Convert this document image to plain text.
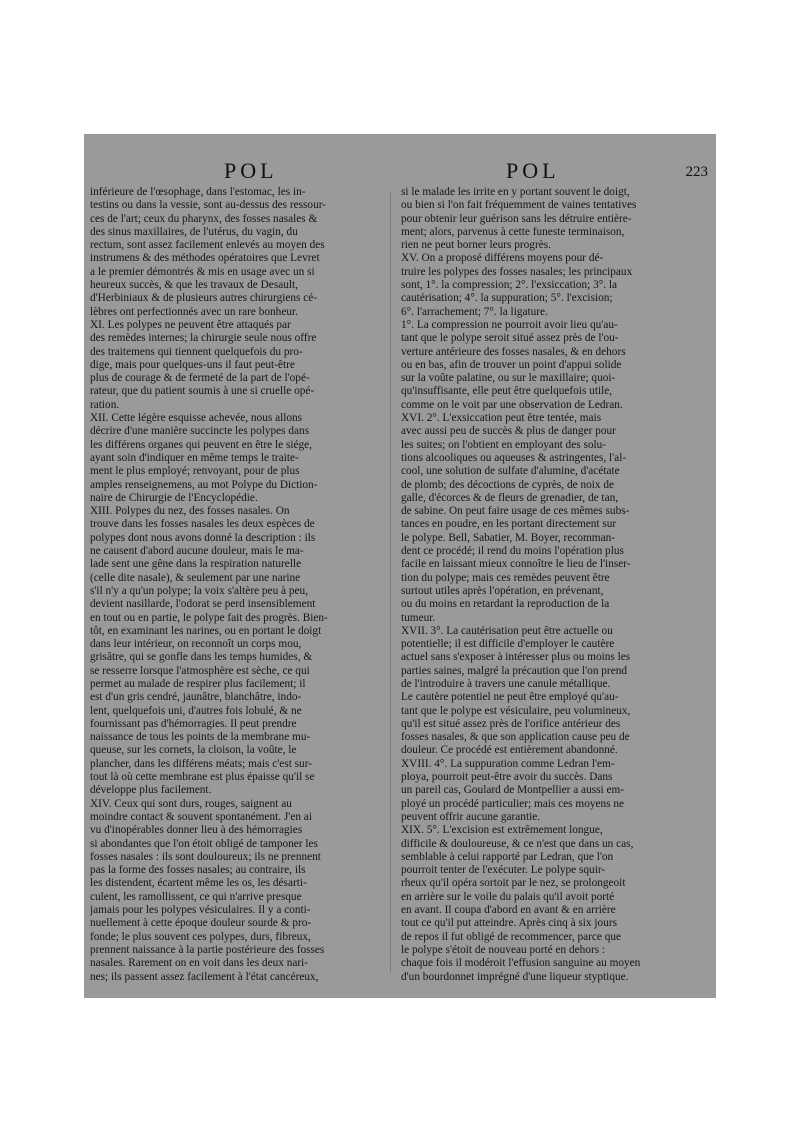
POL	POL	223
inférieure de l'œsophage, dans l'estomac, les in-
testins ou dans la vessie, sont au-dessus des ressour-
ces de l'art; ceux du pharynx, des fosses nasales &
des sinus maxillaires, de l'utérus, du vagin, du
rectum, sont assez facilement enlevés au moyen des
instrumens & des méthodes opératoires que Levret
a le premier démontrés & mis en usage avec un si
heureux succès, & que les travaux de Desault,
d'Herbiniaux & de plusieurs autres chirurgiens cé-
lèbres ont perfectionnés avec un rare bonheur.
XI. Les polypes ne peuvent être attaqués par
des remèdes internes; la chirurgie seule nous offre
des traitemens qui tiennent quelquefois du pro-
dige, mais pour quelques-uns il faut peut-être
plus de courage & de fermeté de la part de l'opé-
rateur, que du patient soumis à une si cruelle opé-
ration.
XII. Cette légère esquisse achevée, nous allons
décrire d'une manière succincte les polypes dans
les différens organes qui peuvent en être le siége,
ayant soin d'indiquer en même temps le traite-
ment le plus employé; renvoyant, pour de plus
amples renseignemens, au mot Polype du Diction-
naire de Chirurgie de l'Encyclopédie.
XIII. Polypes du nez, des fosses nasales. On
trouve dans les fosses nasales les deux espèces de
polypes dont nous avons donné la description : ils
ne causent d'abord aucune douleur, mais le ma-
lade sent une gêne dans la respiration naturelle
(celle dite nasale), & seulement par une narine
s'il n'y a qu'un polype; la voix s'altère peu à peu,
devient nasillarde, l'odorat se perd insensiblement
en tout ou en partie, le polype fait des progrès. Bien-
tôt, en examinant les narines, ou en portant le doigt
dans leur intérieur, on reconnoît un corps mou,
grisâtre, qui se gonfle dans les temps humides, &
se resserre lorsque l'atmosphère est sèche, ce qui
permet au malade de respirer plus facilement; il
est d'un gris cendré, jaunâtre, blanchâtre, indo-
lent, quelquefois uni, d'autres fois lobulé, & ne
fournissant pas d'hémorragies. Il peut prendre
naissance de tous les points de la membrane mu-
queuse, sur les cornets, la cloison, la voûte, le
plancher, dans les différens méats; mais c'est sur-
tout là où cette membrane est plus épaisse qu'il se
développe plus facilement.
XIV. Ceux qui sont durs, rouges, saignent au
moindre contact & souvent spontanément. J'en ai
vu d'inopérables donner lieu à des hémorragies
si abondantes que l'on étoit obligé de tamponer les
fosses nasales : ils sont douloureux; ils ne prennent
pas la forme des fosses nasales; au contraire, ils
les distendent, écartent même les os, les désarti-
culent, les ramollissent, ce qui n'arrive presque
jamais pour les polypes vésiculaires. Il y a conti-
nuellement à cette époque douleur sourde & pro-
fonde; le plus souvent ces polypes, durs, fibreux,
prennent naissance à la partie postérieure des fosses
nasales. Rarement on en voit dans les deux nari-
nes; ils passent assez facilement à l'état cancéreux,
si le malade les irrite en y portant souvent le doigt,
ou bien si l'on fait fréquemment de vaines tentatives
pour obtenir leur guérison sans les détruire entière-
ment; alors, parvenus à cette funeste terminaison,
rien ne peut borner leurs progrès.
XV. On a proposé différens moyens pour dé-
truire les polypes des fosses nasales; les principaux
sont, 1°. la compression; 2°. l'exsiccation; 3°. la
cautérisation; 4°. la suppuration; 5°. l'excision;
6°. l'arrachement; 7°. la ligature.
1°. La compression ne pourroit avoir lieu qu'au-
tant que le polype seroit situé assez près de l'ou-
verture antérieure des fosses nasales, & en dehors
ou en bas, afin de trouver un point d'appui solide
sur la voûte palatine, ou sur le maxillaire; quoi-
qu'insuffisante, elle peut être quelquefois utile,
comme on le voit par une observation de Ledran.
XVI. 2°. L'exsiccation peut être tentée, mais
avec aussi peu de succès & plus de danger pour
les suites; on l'obtient en employant des solu-
tions alcooliques ou aqueuses & astringentes, l'al-
cool, une solution de sulfate d'alumine, d'acétate
de plomb; des décoctions de cyprès, de noix de
galle, d'écorces & de fleurs de grenadier, de tan,
de sabine. On peut faire usage de ces mêmes subs-
tances en poudre, en les portant directement sur
le polype. Bell, Sabatier, M. Boyer, recomman-
dent ce procédé; il rend du moins l'opération plus
facile en laissant mieux connoître le lieu de l'inser-
tion du polype; mais ces remèdes peuvent être
surtout utiles après l'opération, en prévenant,
ou du moins en retardant la reproduction de la
tumeur.
XVII. 3°. La cautérisation peut être actuelle ou
potentielle; il est difficile d'employer le cautère
actuel sans s'exposer à intéresser plus ou moins les
parties saines, malgré la précaution que l'on prend
de l'introduire à travers une canule métallique.
Le cautère potentiel ne peut être employé qu'au-
tant que le polype est vésiculaire, peu volumineux,
qu'il est situé assez près de l'orifice antérieur des
fosses nasales, & que son application cause peu de
douleur. Ce procédé est entièrement abandonné.
XVIII. 4°. La suppuration comme Ledran l'em-
ploya, pourroit peut-être avoir du succès. Dans
un pareil cas, Goulard de Montpellier a aussi em-
ployé un procédé particulier; mais ces moyens ne
peuvent offrir aucune garantie.
XIX. 5°. L'excision est extrêmement longue,
difficile & douloureuse, & ce n'est que dans un cas,
semblable à celui rapporté par Ledran, que l'on
pourroit tenter de l'exécuter. Le polype squir-
rheux qu'il opéra sortoit par le nez, se prolongeoit
en arrière sur le voile du palais qu'il avoit porté
en avant. Il coupa d'abord en avant & en arrière
tout ce qu'il put atteindre. Après cinq à six jours
de repos il fut obligé de recommencer, parce que
le polype s'étoit de nouveau porté en dehors :
chaque fois il modéroit l'effusion sanguine au moyen
d'un bourdonnet imprégné d'une liqueur styptique.
